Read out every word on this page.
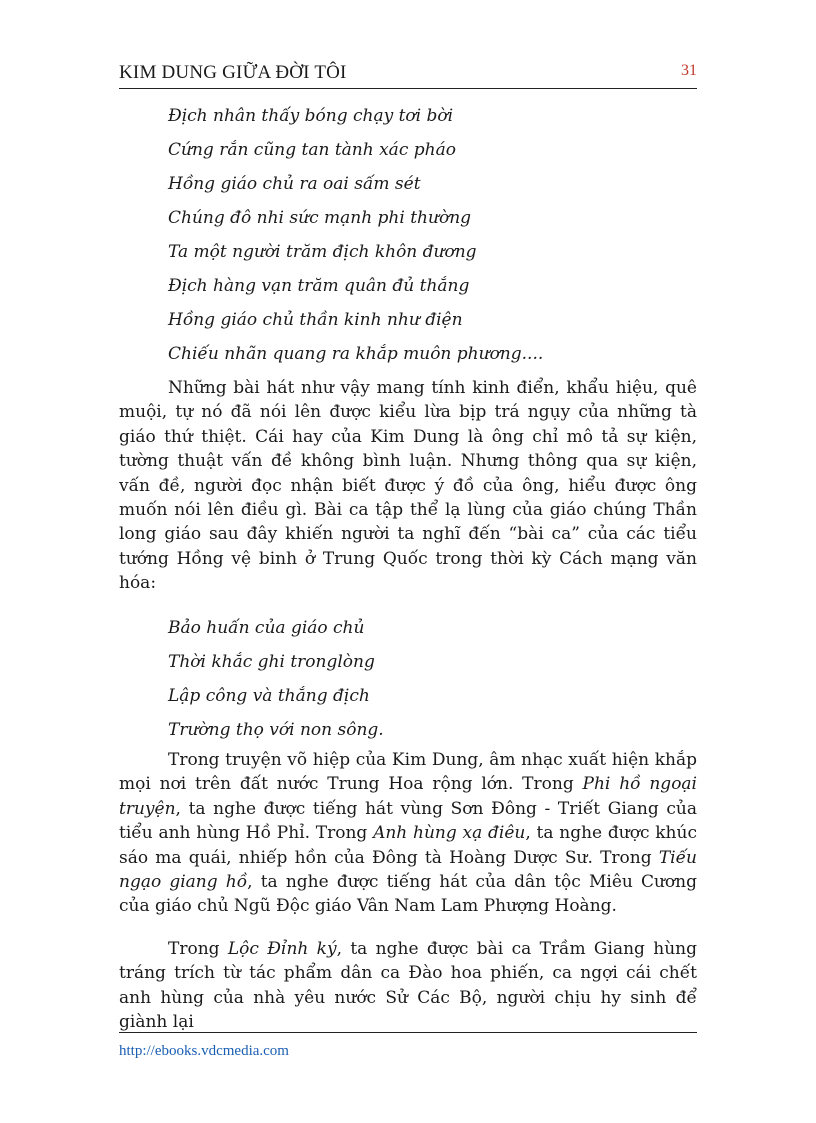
KIM DUNG GIỮA ĐỜI TÔI	31
Địch nhân thấy bóng chạy tơi bời
Cứng rắn cũng tan tành xác pháo
Hồng giáo chủ ra oai sấm sét
Chúng đô nhi sức mạnh phi thường
Ta một người trăm địch khôn đương
Địch hàng vạn trăm quân đủ thắng
Hồng giáo chủ thần kinh như điện
Chiếu nhãn quang ra khắp muôn phương....
Những bài hát như vậy mang tính kinh điển, khẩu hiệu, quê muội, tự nó đã nói lên được kiểu lừa bịp trá ngụy của những tà giáo thứ thiệt. Cái hay của Kim Dung là ông chỉ mô tả sự kiện, tường thuật vấn đề không bình luận. Nhưng thông qua sự kiện, vấn đề, người đọc nhận biết được ý đồ của ông, hiểu được ông muốn nói lên điều gì. Bài ca tập thể lạ lùng của giáo chúng Thần long giáo sau đây khiến người ta nghĩ đến “bài ca” của các tiểu tướng Hồng vệ binh ở Trung Quốc trong thời kỳ Cách mạng văn hóa:
Bảo huấn của giáo chủ
Thời khắc ghi tronglòng
Lập công và thắng địch
Trường thọ với non sông.
Trong truyện võ hiệp của Kim Dung, âm nhạc xuất hiện khắp mọi nơi trên đất nước Trung Hoa rộng lớn. Trong Phi hồ ngoại truyện, ta nghe được tiếng hát vùng Sơn Đông - Triết Giang của tiểu anh hùng Hồ Phỉ. Trong Anh hùng xạ điêu, ta nghe được khúc sáo ma quái, nhiếp hồn của Đông tà Hoàng Dược Sư. Trong Tiếu ngạo giang hồ, ta nghe được tiếng hát của dân tộc Miêu Cương của giáo chủ Ngũ Độc giáo Vân Nam Lam Phượng Hoàng.
Trong Lộc Đỉnh ký, ta nghe được bài ca Trầm Giang hùng tráng trích từ tác phẩm dân ca Đào hoa phiến, ca ngợi cái chết anh hùng của nhà yêu nước Sử Các Bộ, người chịu hy sinh để giành lại
http://ebooks.vdcmedia.com
